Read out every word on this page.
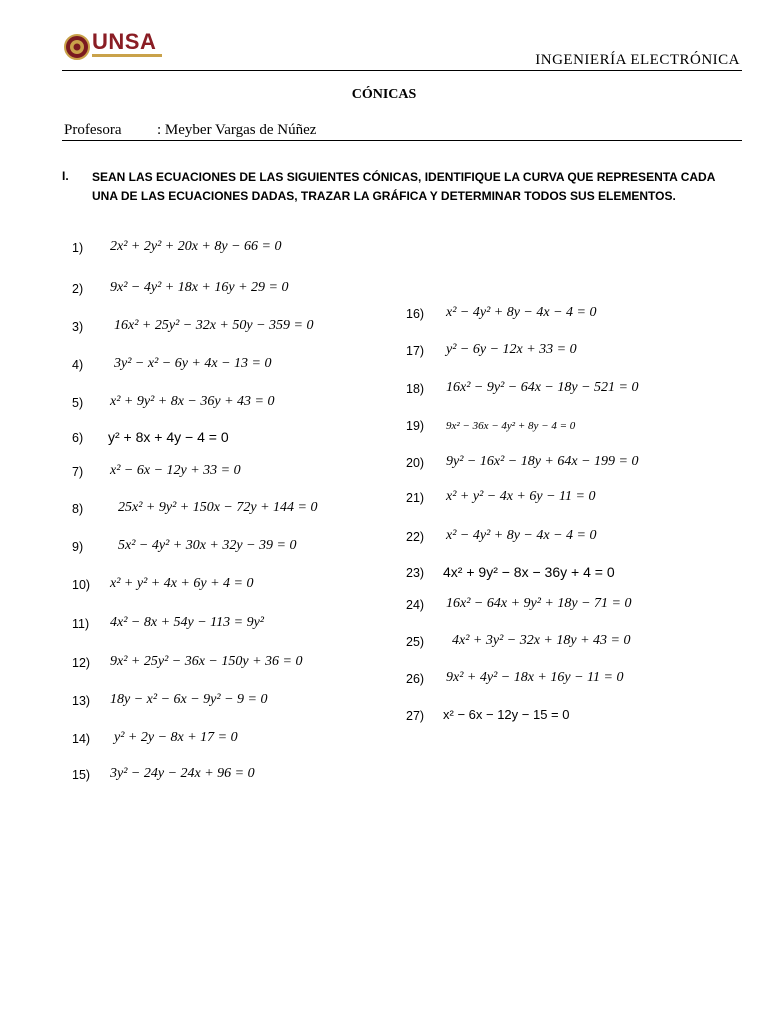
UNSA
INGENIERÍA ELECTRÓNICA
CÓNICAS
Profesora : Meyber Vargas de Núñez
I. SEAN LAS ECUACIONES DE LAS SIGUIENTES CÓNICAS, IDENTIFIQUE LA CURVA QUE REPRESENTA CADA UNA DE LAS ECUACIONES DADAS, TRAZAR LA GRÁFICA Y DETERMINAR TODOS SUS ELEMENTOS.
1) 2x² + 2y² + 20x + 8y − 66 = 0
2) 9x² − 4y² + 18x + 16y + 29 = 0
3) 16x² + 25y² − 32x + 50y − 359 = 0
4) 3y² − x² − 6y + 4x − 13 = 0
5) x² + 9y² + 8x − 36y + 43 = 0
6) y² + 8x + 4y − 4 = 0
7) x² − 6x − 12y + 33 = 0
8) 25x² + 9y² + 150x − 72y + 144 = 0
9) 5x² − 4y² + 30x + 32y − 39 = 0
10) x² + y² + 4x + 6y + 4 = 0
11) 4x² − 8x + 54y − 113 = 9y²
12) 9x² + 25y² − 36x − 150y + 36 = 0
13) 18y − x² − 6x − 9y² − 9 = 0
14) y² + 2y − 8x + 17 = 0
15) 3y² − 24y − 24x + 96 = 0
16) x² − 4y² + 8y − 4x − 4 = 0
17) y² − 6y − 12x + 33 = 0
18) 16x² − 9y² − 64x − 18y − 521 = 0
19) 9x² − 36x − 4y² + 8y − 4 = 0
20) 9y² − 16x² − 18y + 64x − 199 = 0
21) x² + y² − 4x + 6y − 11 = 0
22) x² − 4y² + 8y − 4x − 4 = 0
23) 4x² + 9y² − 8x − 36y + 4 = 0
24) 16x² − 64x + 9y² + 18y − 71 = 0
25) 4x² + 3y² − 32x + 18y + 43 = 0
26) 9x² + 4y² − 18x + 16y − 11 = 0
27) x² − 6x − 12y − 15 = 0
